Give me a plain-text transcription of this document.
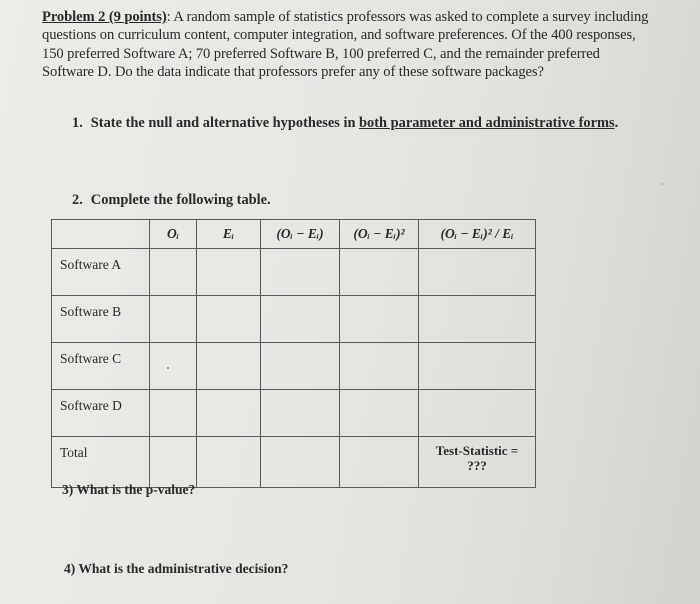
Problem 2 (9 points): A random sample of statistics professors was asked to complete a survey including questions on curriculum content, computer integration, and software preferences. Of the 400 responses, 150 preferred Software A; 70 preferred Software B, 100 preferred C, and the remainder preferred Software D. Do the data indicate that professors prefer any of these software packages?
1. State the null and alternative hypotheses in both parameter and administrative forms.
2. Complete the following table.
	Oᵢ	Eᵢ	(Oᵢ − Eᵢ)	(Oᵢ − Eᵢ)²	(Oᵢ − Eᵢ)² / Eᵢ
Software A					
Software B					
Software C					
Software D					
Total					Test-Statistic =
???
3) What is the p-value?
4) What is the administrative decision?
